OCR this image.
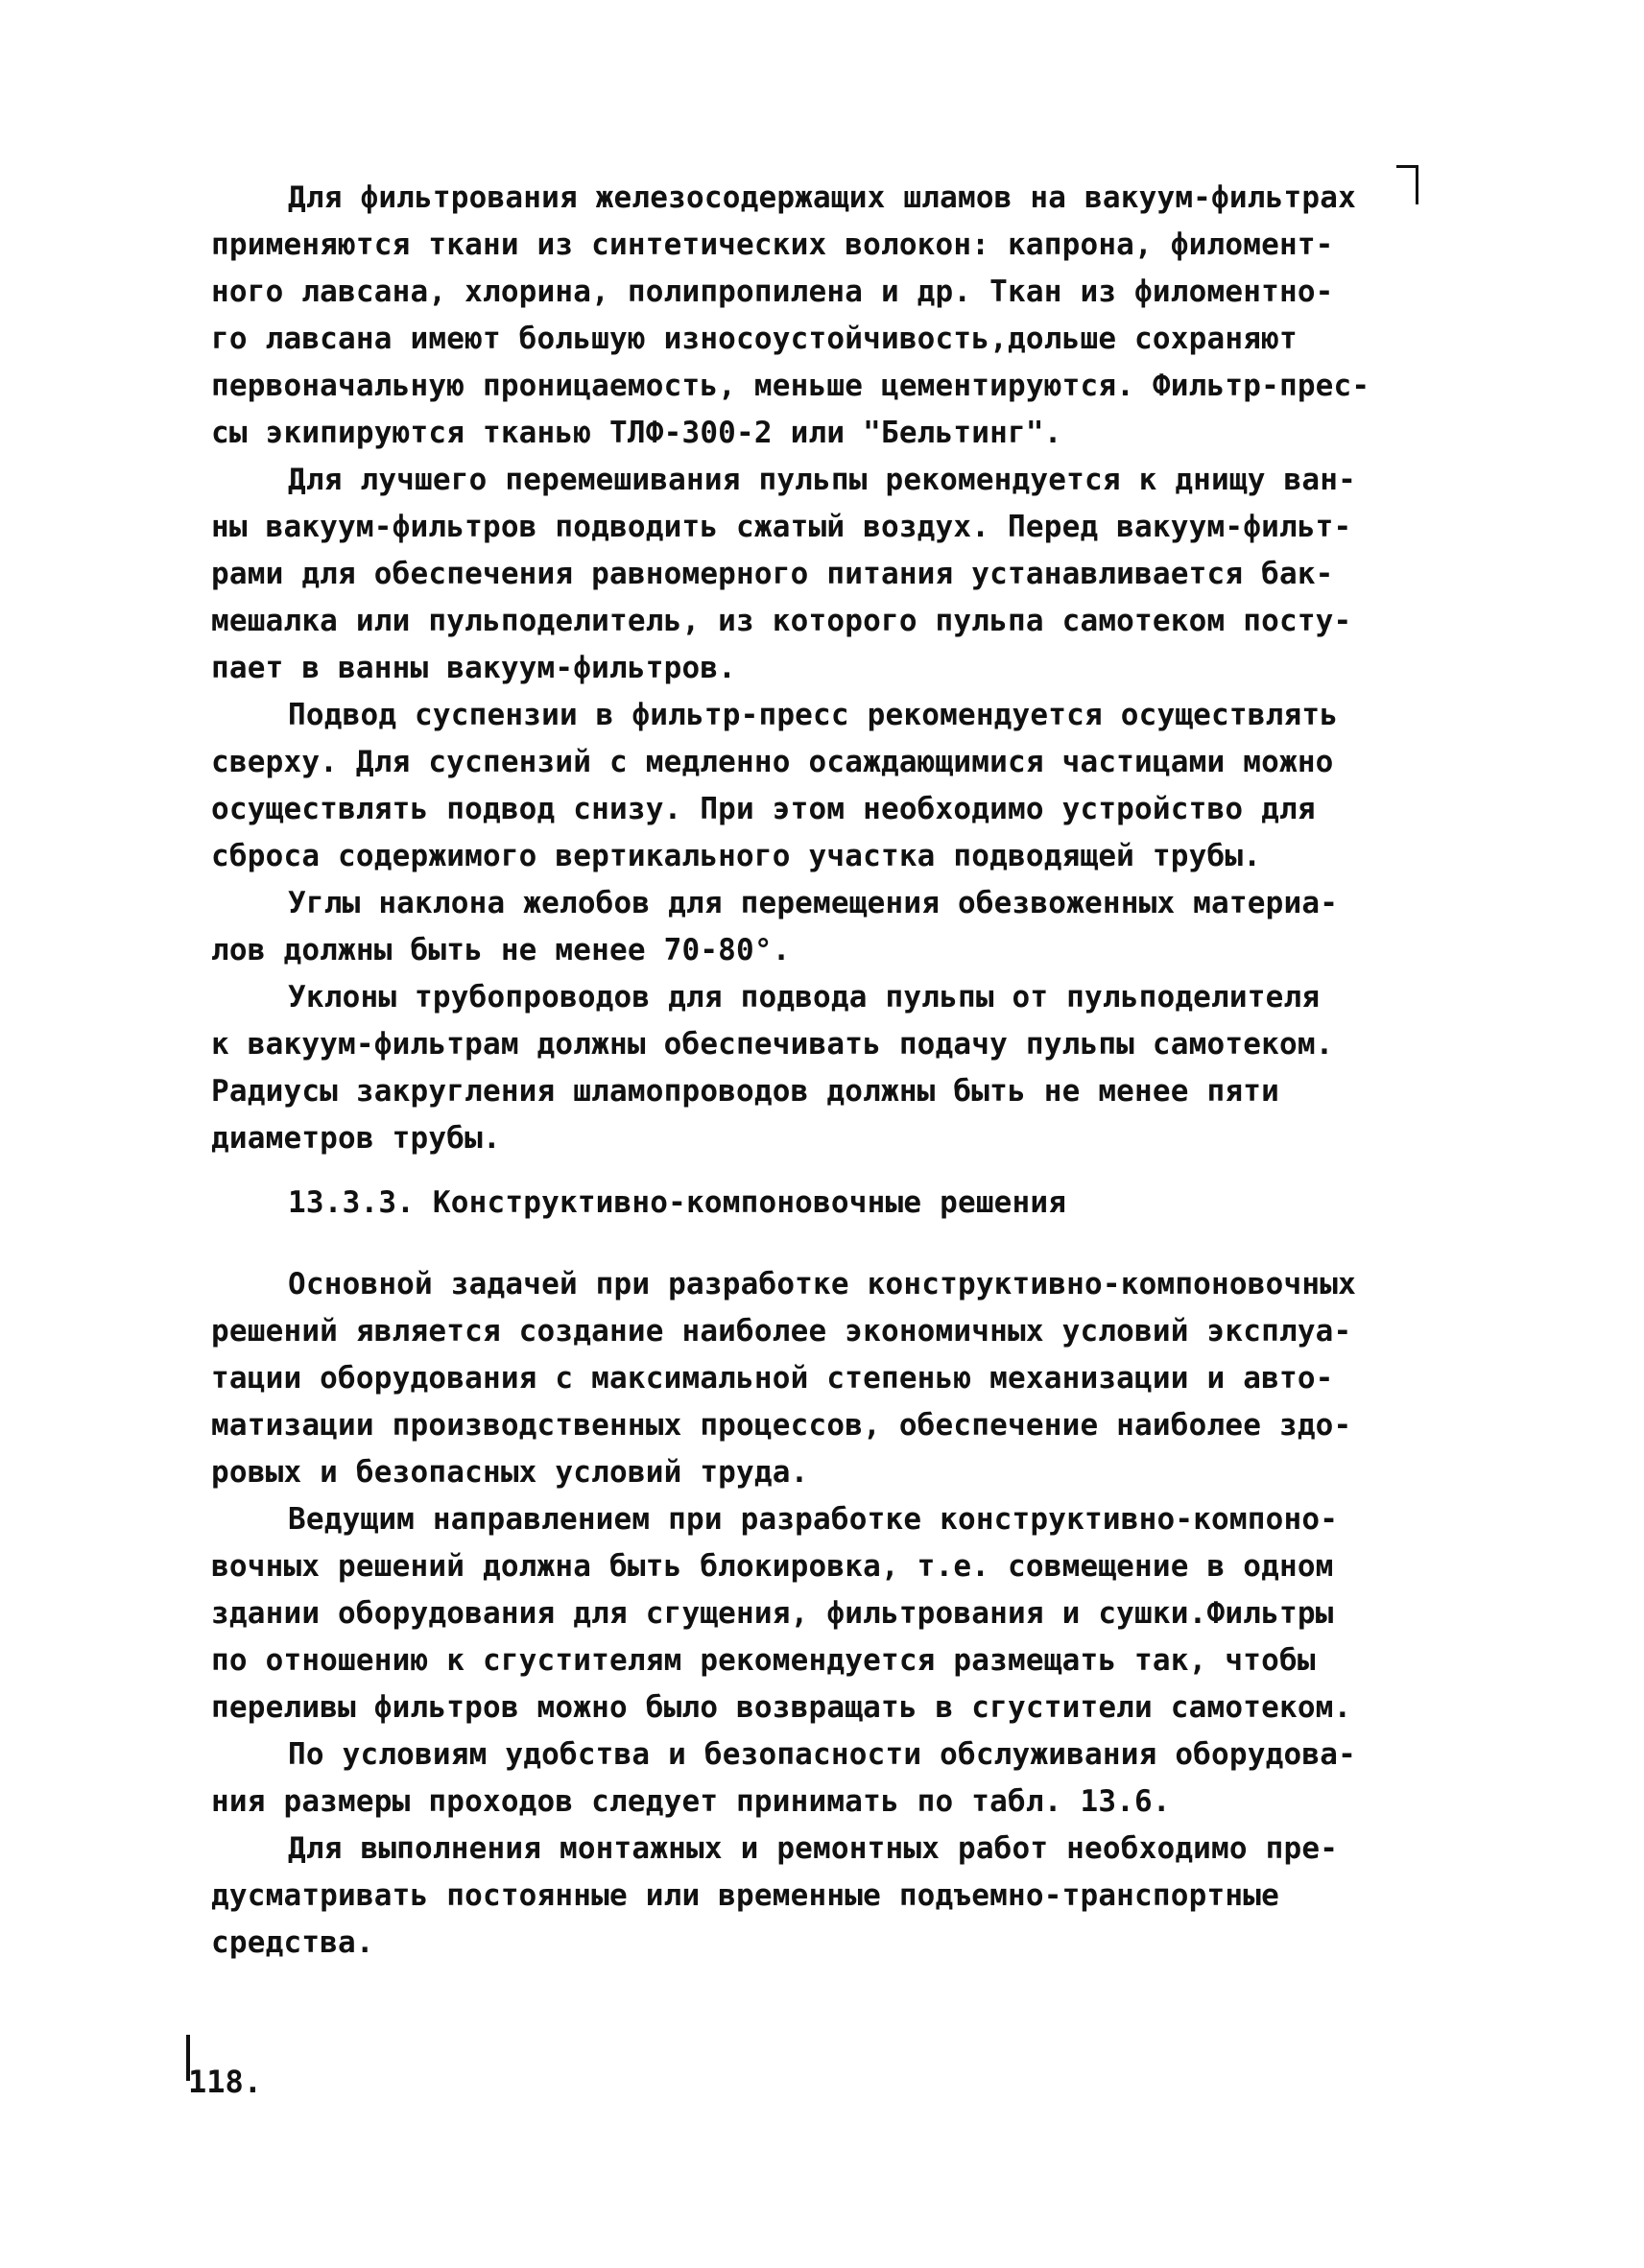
Для фильтрования железосодержащих шламов на вакуум-фильтрах
применяются ткани из синтетических волокон: капрона, филомент-
ного лавсана, хлорина, полипропилена и др. Ткан из филоментно-
го лавсана имеют большую износоустойчивость,дольше сохраняют
первоначальную проницаемость, меньше цементируются. Фильтр-прес-
сы экипируются тканью ТЛФ-300-2 или "Бельтинг".
Для лучшего перемешивания пульпы рекомендуется к днищу ван-
ны вакуум-фильтров подводить сжатый воздух. Перед вакуум-фильт-
рами для обеспечения равномерного питания устанавливается бак-
мешалка или пульподелитель, из которого пульпа самотеком посту-
пает в ванны вакуум-фильтров.
Подвод суспензии в фильтр-пресс рекомендуется осуществлять
сверху. Для суспензий с медленно осаждающимися частицами можно
осуществлять подвод снизу. При этом необходимо устройство для
сброса содержимого вертикального участка подводящей трубы.
Углы наклона желобов для перемещения обезвоженных материа-
лов должны быть не менее 70-80°.
Уклоны трубопроводов для подвода пульпы от пульподелителя
к вакуум-фильтрам должны обеспечивать подачу пульпы самотеком.
Радиусы закругления шламопроводов должны быть не менее пяти
диаметров трубы.
13.3.3. Конструктивно-компоновочные решения
Основной задачей при разработке конструктивно-компоновочных
решений является создание наиболее экономичных условий эксплуа-
тации оборудования с максимальной степенью механизации и авто-
матизации производственных процессов, обеспечение наиболее здо-
ровых и безопасных условий труда.
Ведущим направлением при разработке конструктивно-компоно-
вочных решений должна быть блокировка, т.е. совмещение в одном
здании оборудования для сгущения, фильтрования и сушки.Фильтры
по отношению к сгустителям рекомендуется размещать так, чтобы
переливы фильтров можно было возвращать в сгустители самотеком.
По условиям удобства и безопасности обслуживания оборудова-
ния размеры проходов следует принимать по табл. 13.6.
Для выполнения монтажных и ремонтных работ необходимо пре-
дусматривать постоянные или временные подъемно-транспортные
средства.
118.
